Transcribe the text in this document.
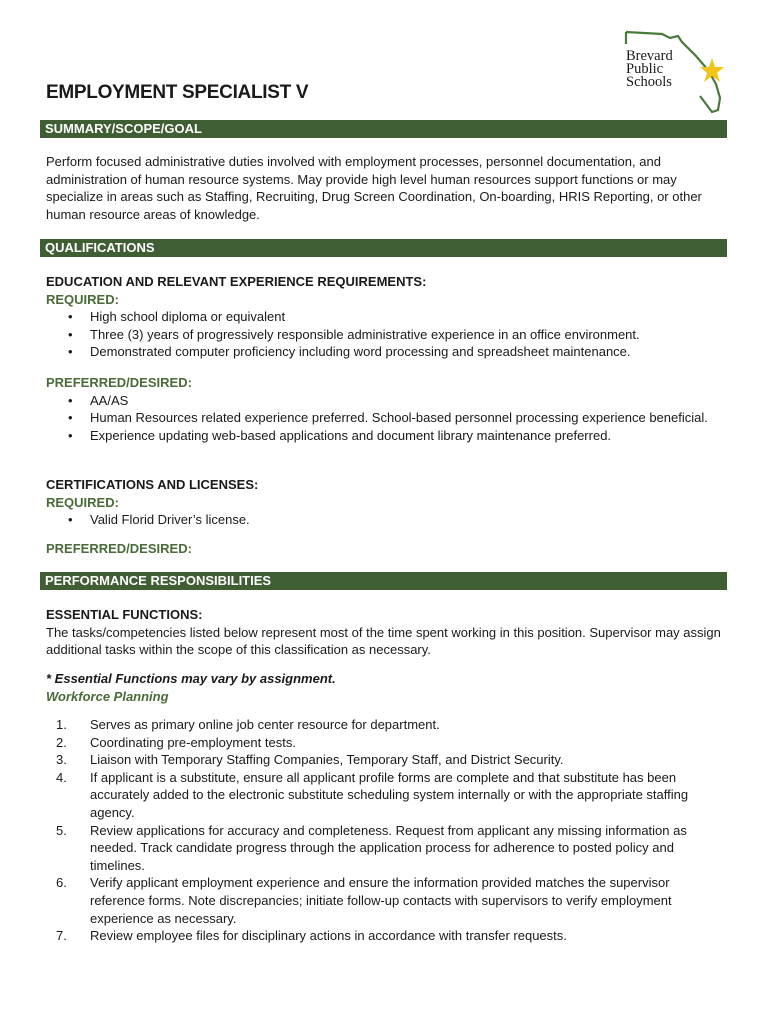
Brevard
Public
Schools
EMPLOYMENT SPECIALIST V
SUMMARY/SCOPE/GOAL

Perform focused administrative duties involved with employment processes, personnel documentation, and administration of human resource systems. May provide high level human resources support functions or may specialize in areas such as Staffing, Recruiting, Drug Screen Coordination, On-boarding, HRIS Reporting, or other human resource areas of knowledge.

QUALIFICATIONS

EDUCATION AND RELEVANT EXPERIENCE REQUIREMENTS:

REQUIRED:

• High school diploma or equivalent
• Three (3) years of progressively responsible administrative experience in an office environment.
• Demonstrated computer proficiency including word processing and spreadsheet maintenance.

PREFERRED/DESIRED:

• AA/AS
• Human Resources related experience preferred. School-based personnel processing experience beneficial.
• Experience updating web-based applications and document library maintenance preferred.

CERTIFICATIONS AND LICENSES:

REQUIRED:

• Valid Florid Driver’s license.

PREFERRED/DESIRED:

PERFORMANCE RESPONSIBILITIES

ESSENTIAL FUNCTIONS:

The tasks/competencies listed below represent most of the time spent working in this position. Supervisor may assign additional tasks within the scope of this classification as necessary.

* Essential Functions may vary by assignment.

Workforce Planning

1. Serves as primary online job center resource for department.
2. Coordinating pre-employment tests.
3. Liaison with Temporary Staffing Companies, Temporary Staff, and District Security.
4. If applicant is a substitute, ensure all applicant profile forms are complete and that substitute has been accurately added to the electronic substitute scheduling system internally or with the appropriate staffing agency.
5. Review applications for accuracy and completeness. Request from applicant any missing information as needed. Track candidate progress through the application process for adherence to posted policy and timelines.
6. Verify applicant employment experience and ensure the information provided matches the supervisor reference forms. Note discrepancies; initiate follow-up contacts with supervisors to verify employment experience as necessary.
7. Review employee files for disciplinary actions in accordance with transfer requests.
